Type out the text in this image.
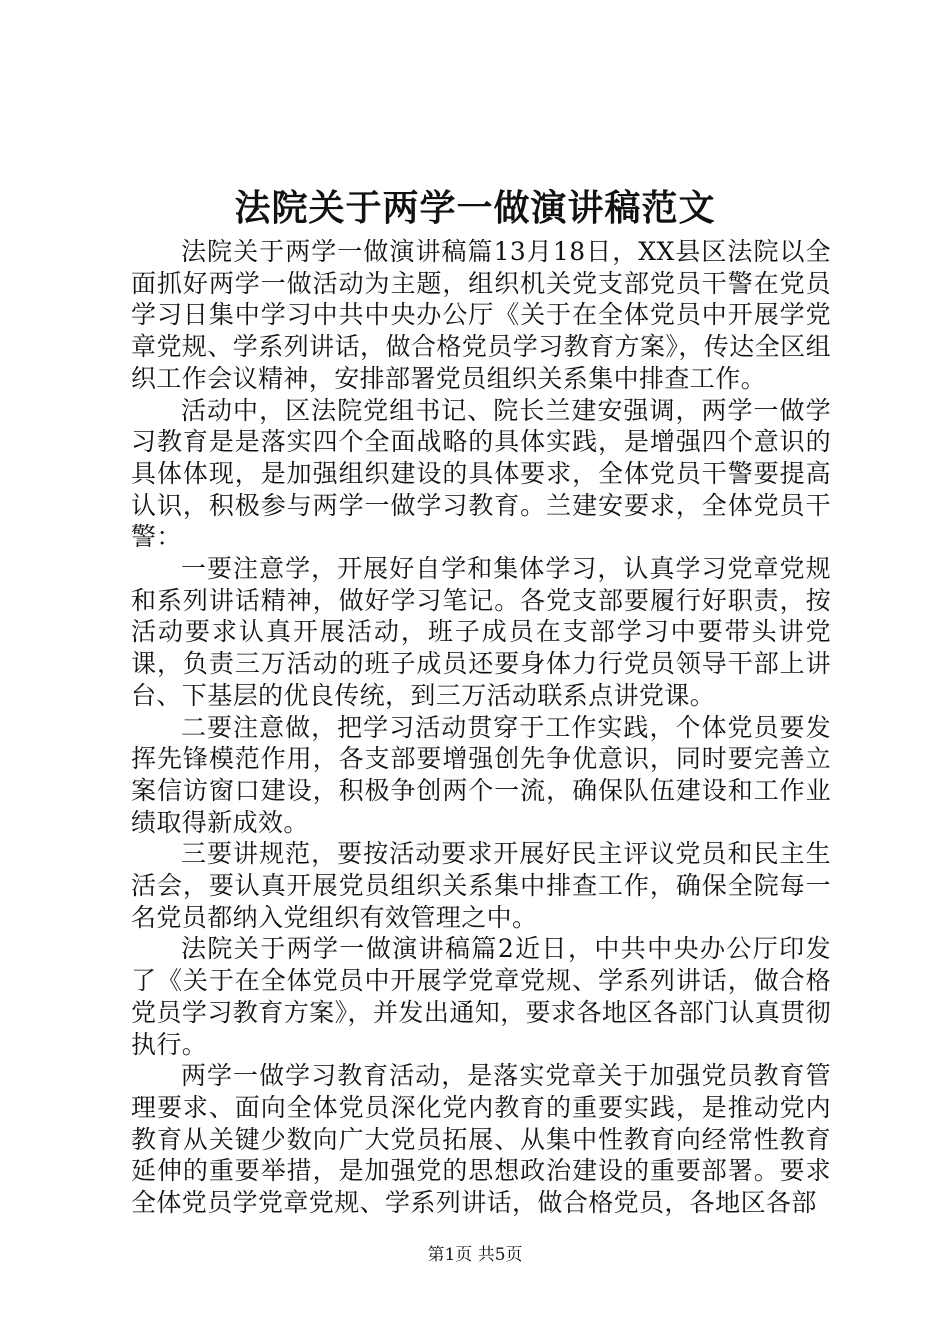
法院关于两学一做演讲稿范文

法院关于两学一做演讲稿篇13月18日，XX县区法院以全面抓好两学一做活动为主题，组织机关党支部党员干警在党员学习日集中学习中共中央办公厅《关于在全体党员中开展学党章党规、学系列讲话，做合格党员学习教育方案》，传达全区组织工作会议精神，安排部署党员组织关系集中排查工作。

活动中，区法院党组书记、院长兰建安强调，两学一做学习教育是是落实四个全面战略的具体实践，是增强四个意识的具体体现，是加强组织建设的具体要求，全体党员干警要提高认识，积极参与两学一做学习教育。兰建安要求，全体党员干警：

一要注意学，开展好自学和集体学习，认真学习党章党规和系列讲话精神，做好学习笔记。各党支部要履行好职责，按活动要求认真开展活动，班子成员在支部学习中要带头讲党课，负责三万活动的班子成员还要身体力行党员领导干部上讲台、下基层的优良传统，到三万活动联系点讲党课。

二要注意做，把学习活动贯穿于工作实践，个体党员要发挥先锋模范作用，各支部要增强创先争优意识，同时要完善立案信访窗口建设，积极争创两个一流，确保队伍建设和工作业绩取得新成效。

三要讲规范，要按活动要求开展好民主评议党员和民主生活会，要认真开展党员组织关系集中排查工作，确保全院每一名党员都纳入党组织有效管理之中。

法院关于两学一做演讲稿篇2近日，中共中央办公厅印发了《关于在全体党员中开展学党章党规、学系列讲话，做合格党员学习教育方案》，并发出通知，要求各地区各部门认真贯彻执行。

两学一做学习教育活动，是落实党章关于加强党员教育管理要求、面向全体党员深化党内教育的重要实践，是推动党内教育从关键少数向广大党员拓展、从集中性教育向经常性教育延伸的重要举措，是加强党的思想政治建设的重要部署。要求全体党员学党章党规、学系列讲话，做合格党员，各地区各部

第1页 共5页
